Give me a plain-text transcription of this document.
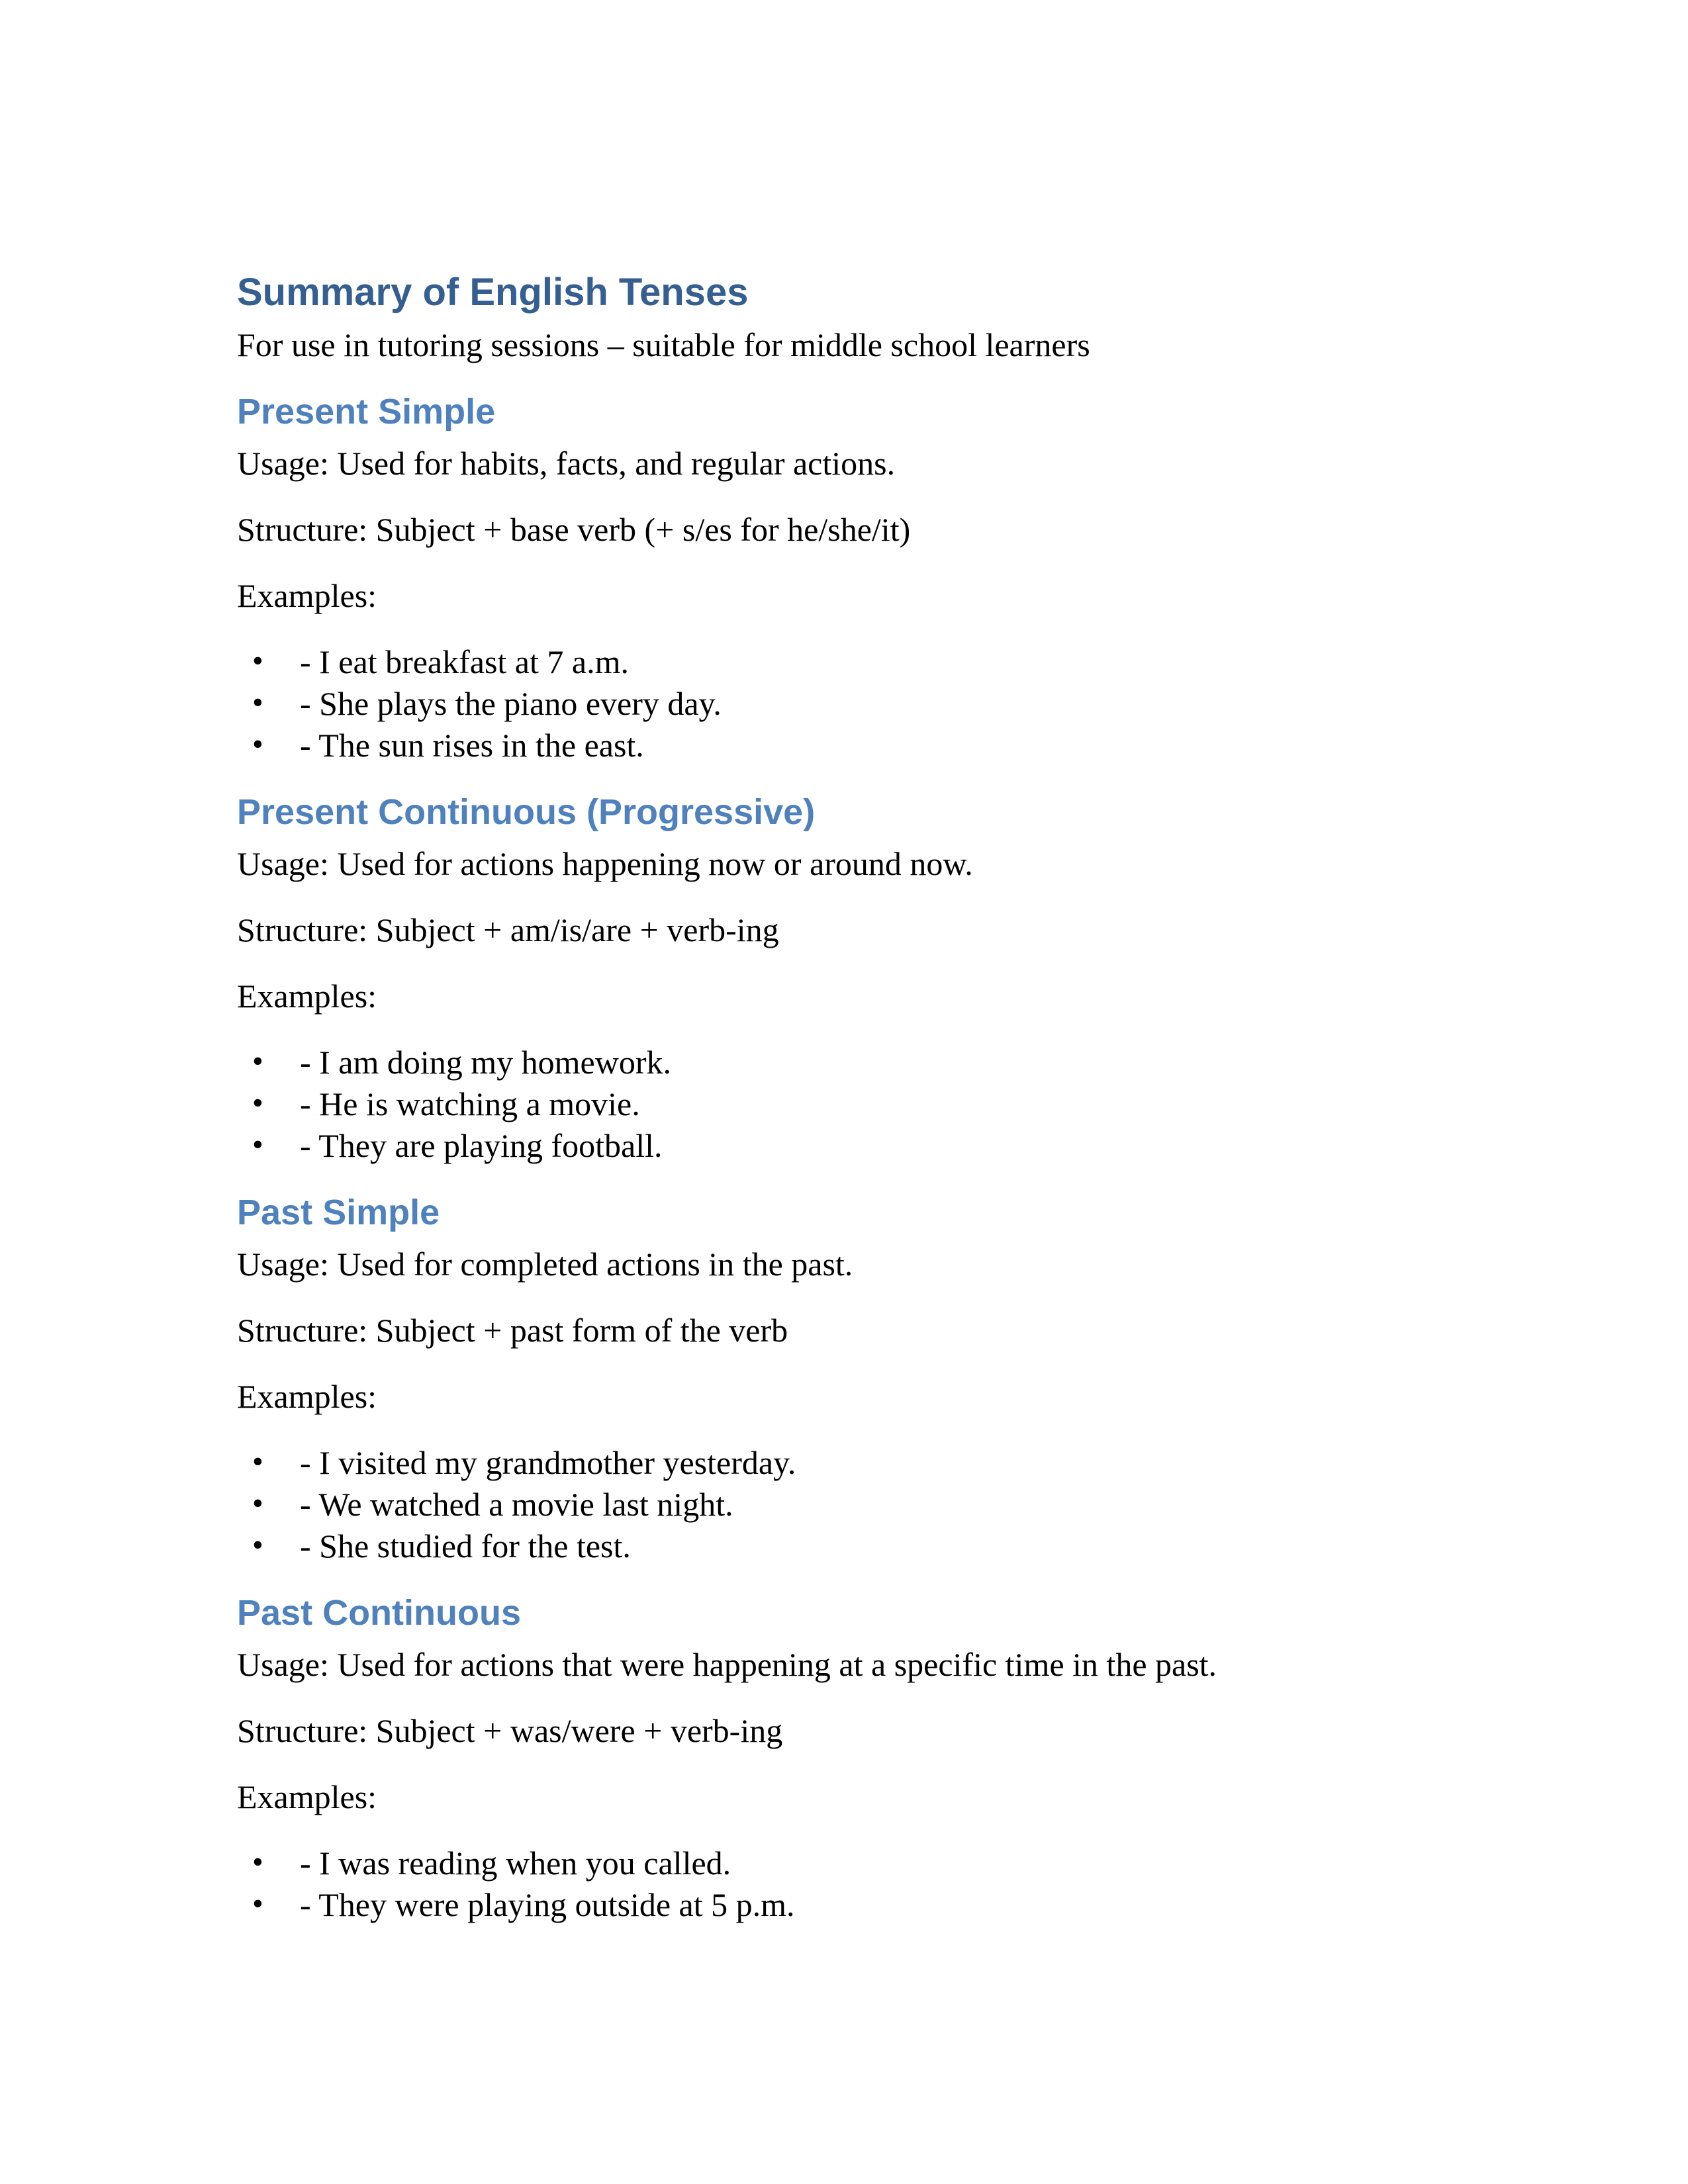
Summary of English Tenses

For use in tutoring sessions – suitable for middle school learners

Present Simple

Usage: Used for habits, facts, and regular actions.

Structure: Subject + base verb (+ s/es for he/she/it)

Examples:

• - I eat breakfast at 7 a.m.
• - She plays the piano every day.
• - The sun rises in the east.
Present Continuous (Progressive)

Usage: Used for actions happening now or around now.

Structure: Subject + am/is/are + verb-ing

Examples:

• - I am doing my homework.
• - He is watching a movie.
• - They are playing football.
Past Simple

Usage: Used for completed actions in the past.

Structure: Subject + past form of the verb

Examples:

• - I visited my grandmother yesterday.
• - We watched a movie last night.
• - She studied for the test.
Past Continuous

Usage: Used for actions that were happening at a specific time in the past.

Structure: Subject + was/were + verb-ing

Examples:

• - I was reading when you called.
• - They were playing outside at 5 p.m.
